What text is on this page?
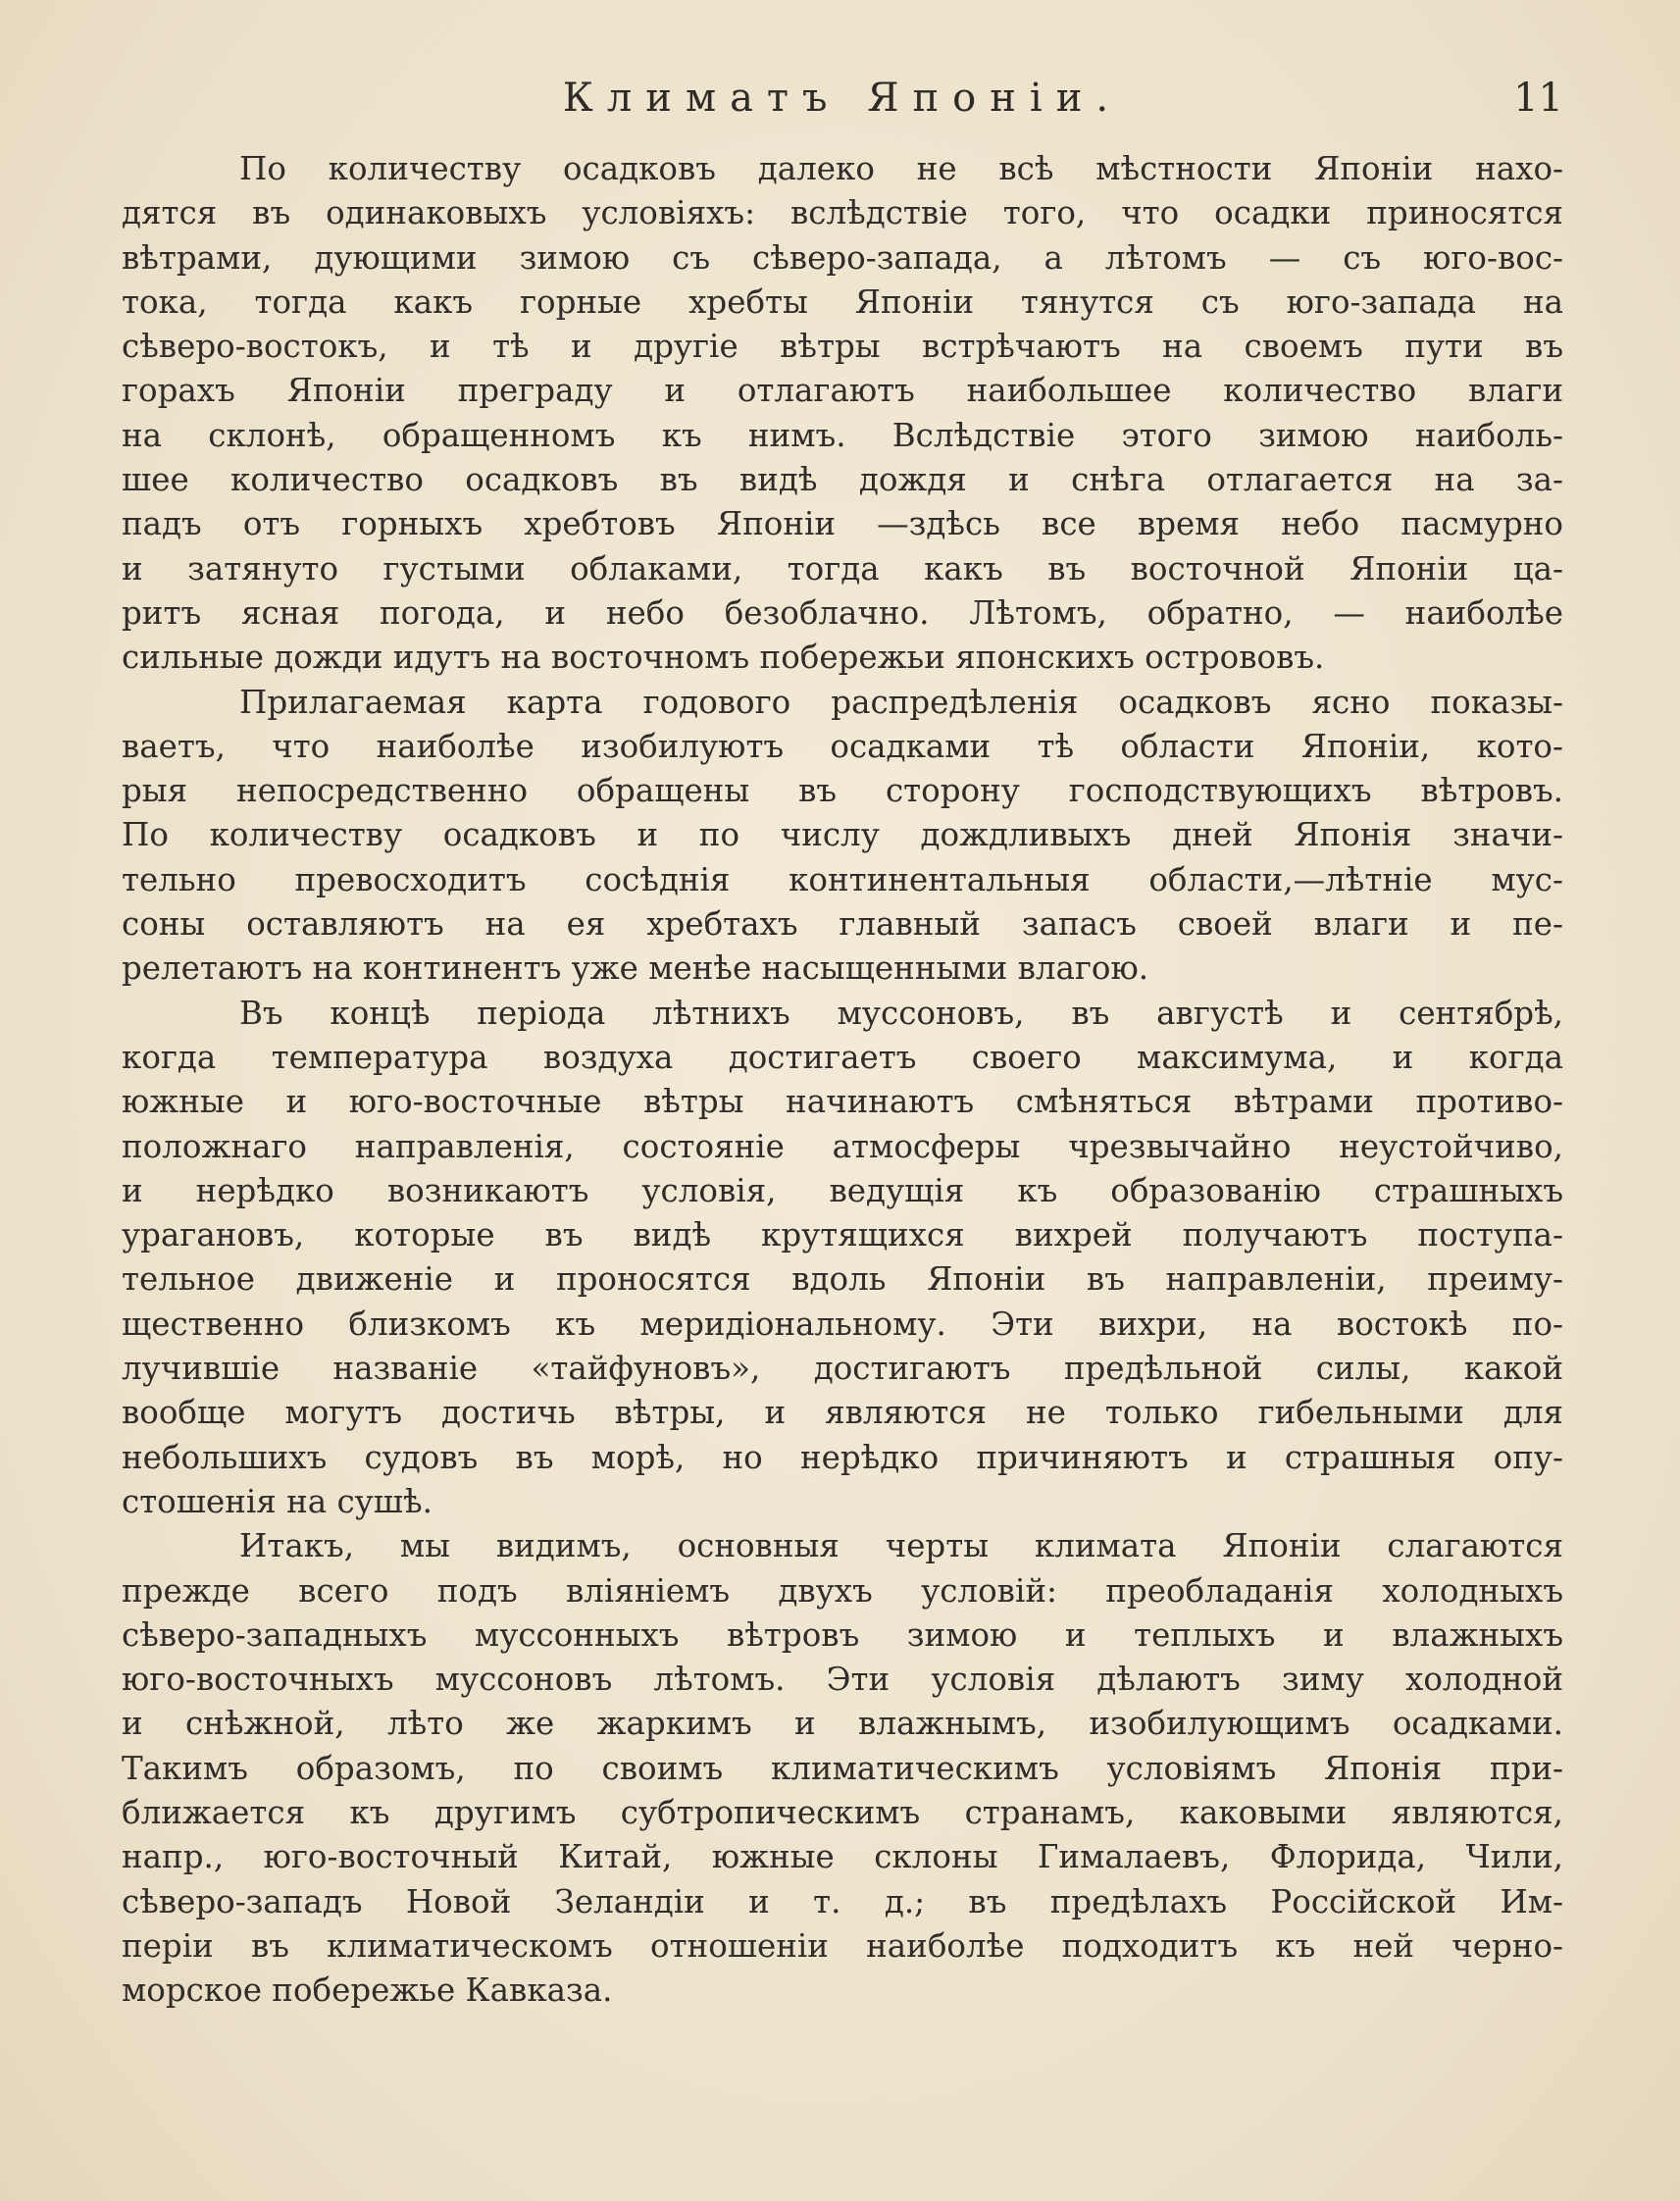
Климатъ Японіи.	11

По количеству осадковъ далеко не всѣ мѣстности Японіи нахо-
дятся въ одинаковыхъ условіяхъ: вслѣдствіе того, что осадки приносятся
вѣтрами, дующими зимою съ сѣверо-запада, а лѣтомъ — съ юго-вос-
тока, тогда какъ горные хребты Японіи тянутся съ юго-запада на
сѣверо-востокъ, и тѣ и другіе вѣтры встрѣчаютъ на своемъ пути въ
горахъ Японіи преграду и отлагаютъ наибольшее количество влаги
на склонѣ, обращенномъ къ нимъ. Вслѣдствіе этого зимою наиболь-
шее количество осадковъ въ видѣ дождя и снѣга отлагается на за-
падъ отъ горныхъ хребтовъ Японіи —здѣсь все время небо пасмурно
и затянуто густыми облаками, тогда какъ въ восточной Японіи ца-
ритъ ясная погода, и небо безоблачно. Лѣтомъ, обратно, — наиболѣе
сильные дожди идутъ на восточномъ побережьи японскихъ острововъ.

Прилагаемая карта годового распредѣленія осадковъ ясно показы-
ваетъ, что наиболѣе изобилуютъ осадками тѣ области Японіи, кото-
рыя непосредственно обращены въ сторону господствующихъ вѣтровъ.
По количеству осадковъ и по числу дождливыхъ дней Японія значи-
тельно превосходитъ сосѣднія континентальныя области,—лѣтніе мус-
соны оставляютъ на ея хребтахъ главный запасъ своей влаги и пе-
релетаютъ на континентъ уже менѣе насыщенными влагою.

Въ концѣ періода лѣтнихъ муссоновъ, въ августѣ и сентябрѣ,
когда температура воздуха достигаетъ своего максимума, и когда
южные и юго-восточные вѣтры начинаютъ смѣняться вѣтрами противо-
положнаго направленія, состояніе атмосферы чрезвычайно неустойчиво,
и нерѣдко возникаютъ условія, ведущія къ образованію страшныхъ
урагановъ, которые въ видѣ крутящихся вихрей получаютъ поступа-
тельное движеніе и проносятся вдоль Японіи въ направленіи, преиму-
щественно близкомъ къ меридіональному. Эти вихри, на востокѣ по-
лучившіе названіе «тайфуновъ», достигаютъ предѣльной силы, какой
вообще могутъ достичь вѣтры, и являются не только гибельными для
небольшихъ судовъ въ морѣ, но нерѣдко причиняютъ и страшныя опу-
стошенія на сушѣ.

Итакъ, мы видимъ, основныя черты климата Японіи слагаются
прежде всего подъ вліяніемъ двухъ условій: преобладанія холодныхъ
сѣверо-западныхъ муссонныхъ вѣтровъ зимою и теплыхъ и влажныхъ
юго-восточныхъ муссоновъ лѣтомъ. Эти условія дѣлаютъ зиму холодной
и снѣжной, лѣто же жаркимъ и влажнымъ, изобилующимъ осадками.
Такимъ образомъ, по своимъ климатическимъ условіямъ Японія при-
ближается къ другимъ субтропическимъ странамъ, каковыми являются,
напр., юго-восточный Китай, южные склоны Гималаевъ, Флорида, Чили,
сѣверо-западъ Новой Зеландіи и т. д.; въ предѣлахъ Россійской Им-
періи въ климатическомъ отношеніи наиболѣе подходитъ къ ней черно-
морское побережье Кавказа.
